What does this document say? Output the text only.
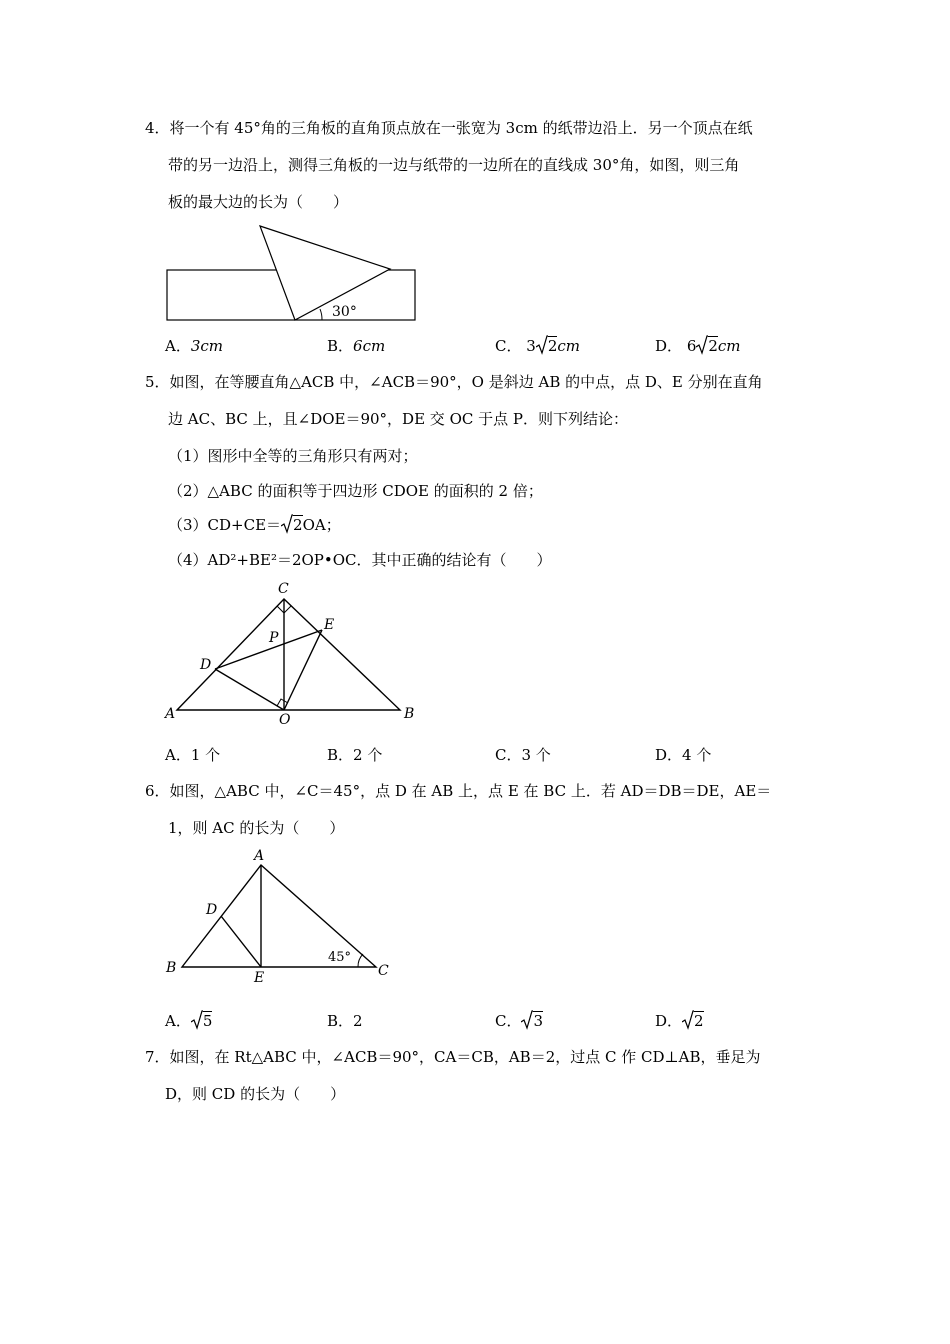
4．将一个有 45°角的三角板的直角顶点放在一张宽为 3cm 的纸带边沿上．另一个顶点在纸
带的另一边沿上，测得三角板的一边与纸带的一边所在的直线成 30°角，如图，则三角
板的最大边的长为（　　）
30°
A．3cm	B．6cm	C． 3 2cm	D． 6 2cm
5．如图，在等腰直角△ACB 中，∠ACB＝90°，O 是斜边 AB 的中点，点 D、E 分别在直角
边 AC、BC 上，且∠DOE＝90°，DE 交 OC 于点 P．则下列结论：
（1）图形中全等的三角形只有两对；
（2）△ABC 的面积等于四边形 CDOE 的面积的 2 倍；
（3）CD+CE＝ 2OA；
（4）AD²+BE²＝2OP•OC．其中正确的结论有（　　）
C
E
P
D
A	O	B
A．1 个	B．2 个	C．3 个	D．4 个
6．如图，△ABC 中，∠C＝45°，点 D 在 AB 上，点 E 在 BC 上．若 AD＝DB＝DE，AE＝
1，则 AC 的长为（　　）
A
D
B
E	C
45°
A． 5	B．2	C． 3	D． 2
7．如图，在 Rt△ABC 中，∠ACB＝90°，CA＝CB，AB＝2，过点 C 作 CD⊥AB，垂足为
D，则 CD 的长为（　　）
